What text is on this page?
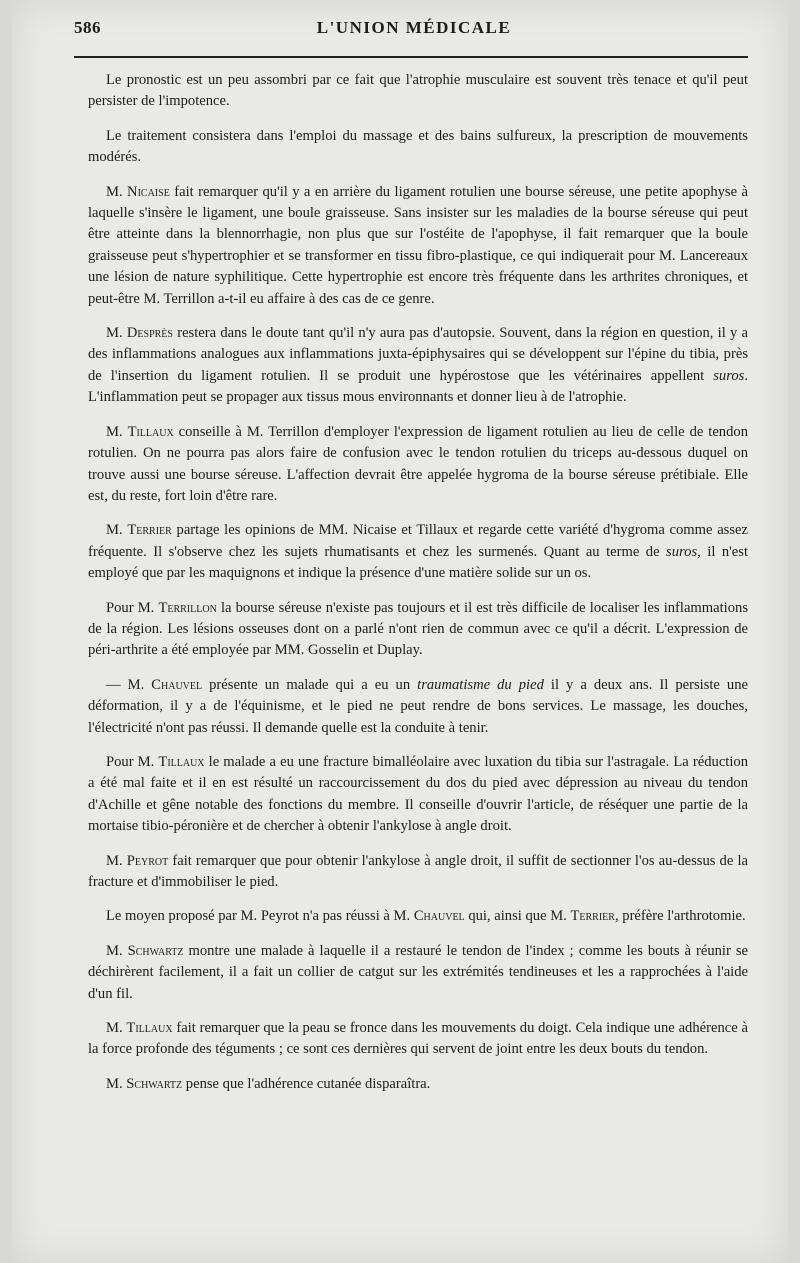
586	L'UNION MÉDICALE

Le pronostic est un peu assombri par ce fait que l'atrophie musculaire est souvent très tenace et qu'il peut persister de l'impotence.

Le traitement consistera dans l'emploi du massage et des bains sulfureux, la prescription de mouvements modérés.

M. Nicaise fait remarquer qu'il y a en arrière du ligament rotulien une bourse séreuse, une petite apophyse à laquelle s'insère le ligament, une boule graisseuse. Sans insister sur les maladies de la bourse séreuse qui peut être atteinte dans la blennorrhagie, non plus que sur l'ostéite de l'apophyse, il fait remarquer que la boule graisseuse peut s'hypertrophier et se transformer en tissu fibro-plastique, ce qui indiquerait pour M. Lancereaux une lésion de nature syphilitique. Cette hypertrophie est encore très fréquente dans les arthrites chroniques, et peut-être M. Terrillon a-t-il eu affaire à des cas de ce genre.

M. Desprès restera dans le doute tant qu'il n'y aura pas d'autopsie. Souvent, dans la région en question, il y a des inflammations analogues aux inflammations juxta-épiphysaires qui se développent sur l'épine du tibia, près de l'insertion du ligament rotulien. Il se produit une hypérostose que les vétérinaires appellent suros. L'inflammation peut se propager aux tissus mous environnants et donner lieu à de l'atrophie.

M. Tillaux conseille à M. Terrillon d'employer l'expression de ligament rotulien au lieu de celle de tendon rotulien. On ne pourra pas alors faire de confusion avec le tendon rotulien du triceps au-dessous duquel on trouve aussi une bourse séreuse. L'affection devrait être appelée hygroma de la bourse séreuse prétibiale. Elle est, du reste, fort loin d'être rare.

M. Terrier partage les opinions de MM. Nicaise et Tillaux et regarde cette variété d'hygroma comme assez fréquente. Il s'observe chez les sujets rhumatisants et chez les surmenés. Quant au terme de suros, il n'est employé que par les maquignons et indique la présence d'une matière solide sur un os.

Pour M. Terrillon la bourse séreuse n'existe pas toujours et il est très difficile de localiser les inflammations de la région. Les lésions osseuses dont on a parlé n'ont rien de commun avec ce qu'il a décrit. L'expression de péri-arthrite a été employée par MM. Gosselin et Duplay.

— M. Chauvel présente un malade qui a eu un traumatisme du pied il y a deux ans. Il persiste une déformation, il y a de l'équinisme, et le pied ne peut rendre de bons services. Le massage, les douches, l'électricité n'ont pas réussi. Il demande quelle est la conduite à tenir.

Pour M. Tillaux le malade a eu une fracture bimalléolaire avec luxation du tibia sur l'astragale. La réduction a été mal faite et il en est résulté un raccourcissement du dos du pied avec dépression au niveau du tendon d'Achille et gêne notable des fonctions du membre. Il conseille d'ouvrir l'article, de réséquer une partie de la mortaise tibio-péronière et de chercher à obtenir l'ankylose à angle droit.

M. Peyrot fait remarquer que pour obtenir l'ankylose à angle droit, il suffit de sectionner l'os au-dessus de la fracture et d'immobiliser le pied.

Le moyen proposé par M. Peyrot n'a pas réussi à M. Chauvel qui, ainsi que M. Terrier, préfère l'arthrotomie.

M. Schwartz montre une malade à laquelle il a restauré le tendon de l'index ; comme les bouts à réunir se déchirèrent facilement, il a fait un collier de catgut sur les extrémités tendineuses et les a rapprochées à l'aide d'un fil.

M. Tillaux fait remarquer que la peau se fronce dans les mouvements du doigt. Cela indique une adhérence à la force profonde des téguments ; ce sont ces dernières qui servent de joint entre les deux bouts du tendon.

M. Schwartz pense que l'adhérence cutanée disparaîtra.
